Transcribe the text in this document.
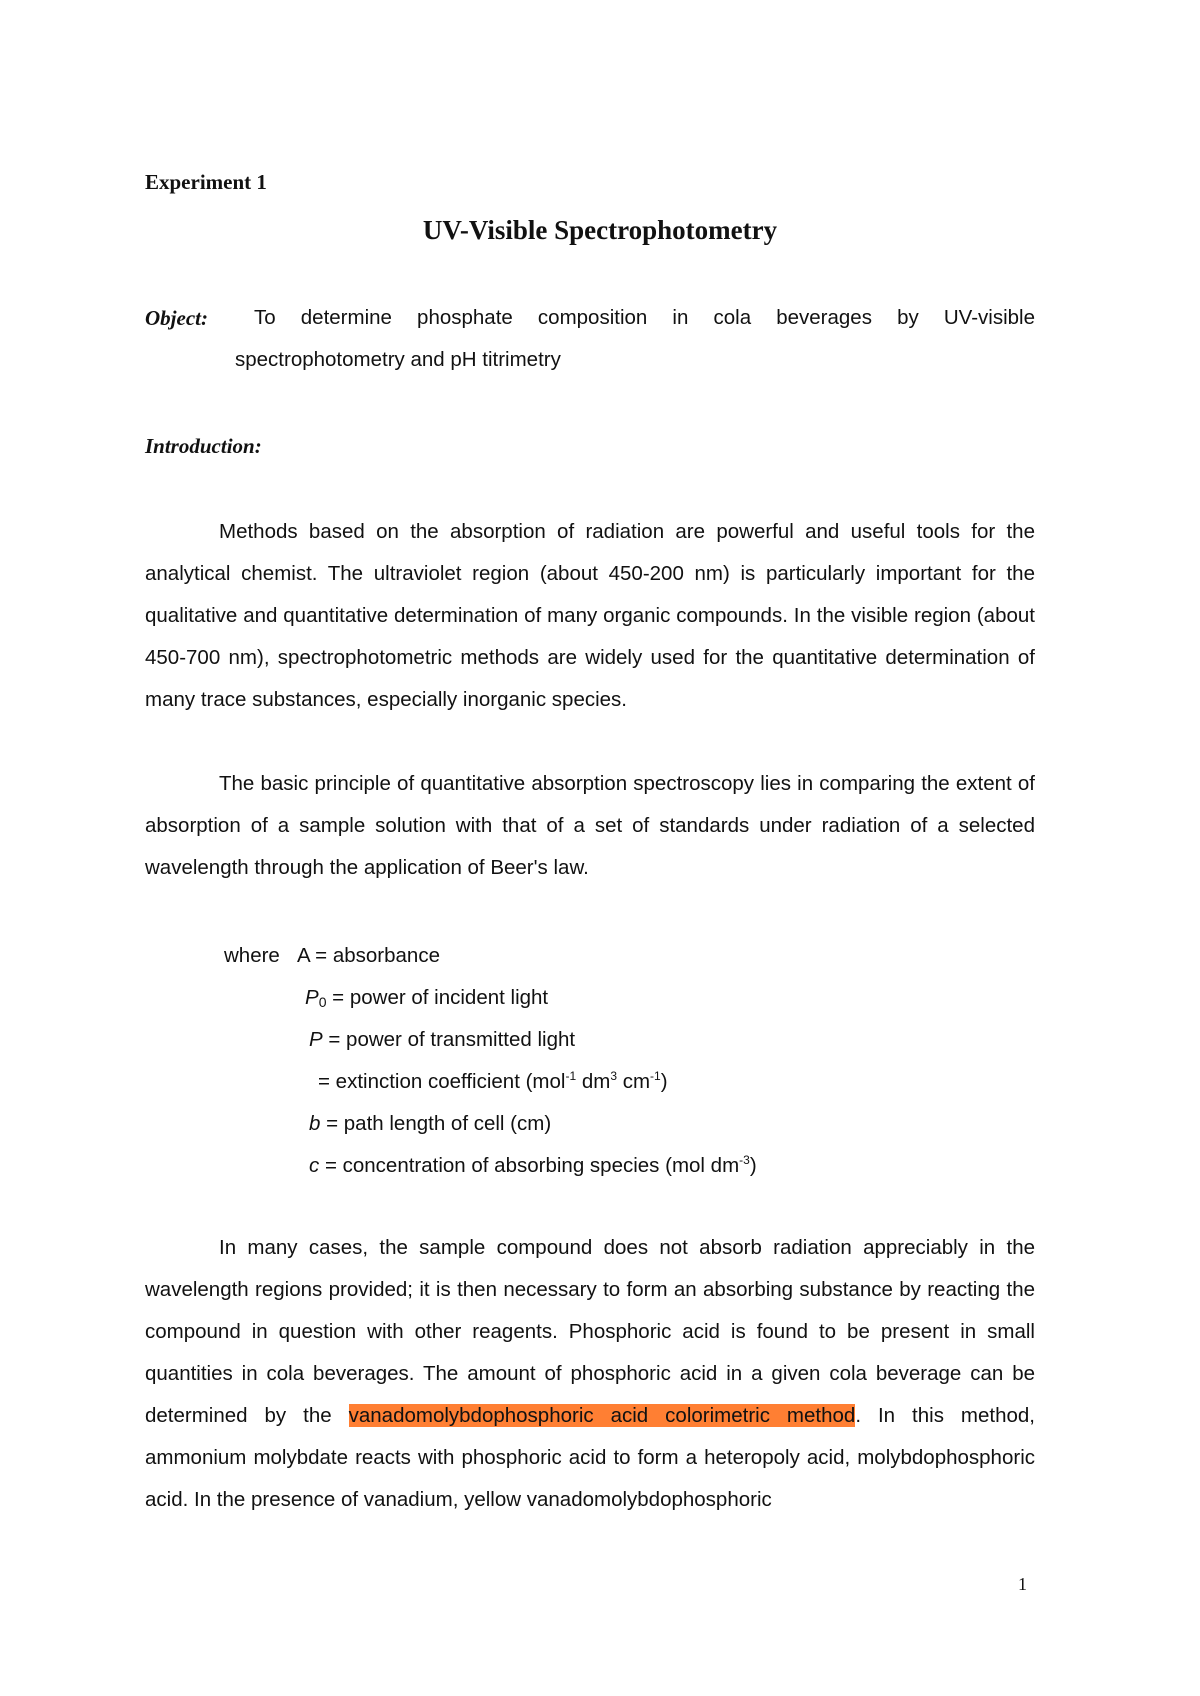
Experiment 1
UV-Visible Spectrophotometry
Object: To determine phosphate composition in cola beverages by UV-visible
spectrophotometry and pH titrimetry
Introduction:

Methods based on the absorption of radiation are powerful and useful tools for the analytical chemist. The ultraviolet region (about 450-200 nm) is particularly important for the qualitative and quantitative determination of many organic compounds. In the visible region (about 450-700 nm), spectrophotometric methods are widely used for the quantitative determination of many trace substances, especially inorganic species.

The basic principle of quantitative absorption spectroscopy lies in comparing the extent of absorption of a sample solution with that of a set of standards under radiation of a selected wavelength through the application of Beer's law.

where A = absorbance
$P_0$ = power of incident light
P = power of transmitted light
= extinction coefficient (mol$^{-1}$ $dm^3$ $cm^{-1}$)
b = path length of cell (cm)
c = concentration of absorbing species (mol $dm^{-3}$)

In many cases, the sample compound does not absorb radiation appreciably in the wavelength regions provided; it is then necessary to form an absorbing substance by reacting the compound in question with other reagents. Phosphoric acid is found to be present in small quantities in cola beverages. The amount of phosphoric acid in a given cola beverage can be determined by the vanadomolybdophosphoric acid colorimetric method. In this method, ammonium molybdate reacts with phosphoric acid to form a heteropoly acid, molybdophosphoric acid. In the presence of vanadium, yellow vanadomolybdophosphoric

1
